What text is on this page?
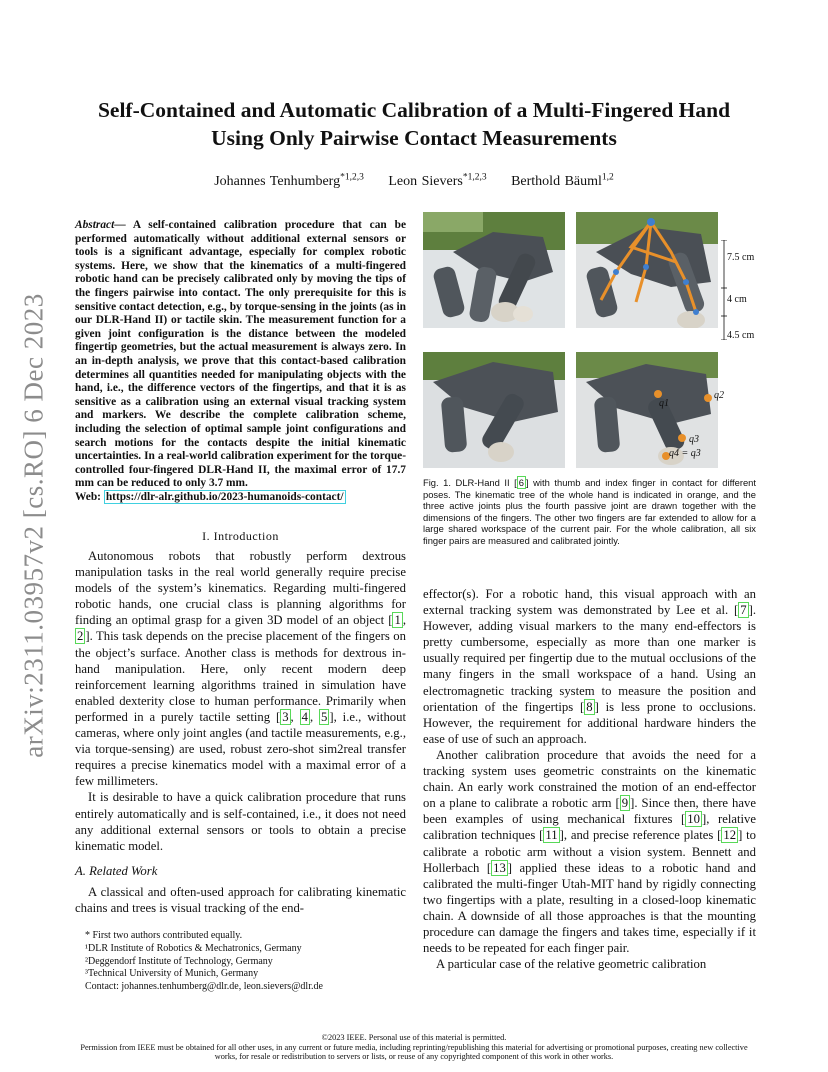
arXiv:2311.03957v2 [cs.RO] 6 Dec 2023
Self-Contained and Automatic Calibration of a Multi-Fingered Hand
Using Only Pairwise Contact Measurements
Johannes Tenhumberg$^{*1,2,3}$ Leon Sievers$^{*1,2,3}$ Berthold Bäuml$^{1,2}$
Abstract— A self-contained calibration procedure that can be performed automatically without additional external sensors or tools is a significant advantage, especially for complex robotic systems. Here, we show that the kinematics of a multi-fingered robotic hand can be precisely calibrated only by moving the tips of the fingers pairwise into contact. The only prerequisite for this is sensitive contact detection, e.g., by torque-sensing in the joints (as in our DLR-Hand II) or tactile skin. The measurement function for a given joint configuration is the distance between the modeled fingertip geometries, but the actual measurement is always zero. In an in-depth analysis, we prove that this contact-based calibration determines all quantities needed for manipulating objects with the hand, i.e., the difference vectors of the fingertips, and that it is as sensitive as a calibration using an external visual tracking system and markers. We describe the complete calibration scheme, including the selection of optimal sample joint configurations and search motions for the contacts despite the initial kinematic uncertainties. In a real-world calibration experiment for the torque-controlled four-fingered DLR-Hand II, the maximal error of 17.7 mm can be reduced to only 3.7 mm.
Web: https://dlr-alr.github.io/2023-humanoids-contact/
I. Introduction

Autonomous robots that robustly perform dextrous manipulation tasks in the real world generally require precise models of the system’s kinematics. Regarding multi-fingered robotic hands, one crucial class is planning algorithms for finding an optimal grasp for a given 3D model of an object [ 1 , 2 ]. This task depends on the precise placement of the fingers on the object’s surface. Another class is methods for dextrous in-hand manipulation. Here, only recent modern deep reinforcement learning algorithms trained in simulation have enabled dexterity close to human performance. Primarily when performed in a purely tactile setting [ 3 , 4 , 5 ], i.e., without cameras, where only joint angles (and tactile measurements, e.g., via torque-sensing) are used, robust zero-shot sim2real transfer requires a precise kinematics model with a maximal error of a few millimeters.

It is desirable to have a quick calibration procedure that runs entirely automatically and is self-contained, i.e., it does not need any additional external sensors or tools to obtain a precise kinematic model.

A. Related Work

A classical and often-used approach for calibrating kinematic chains and trees is visual tracking of the end-

* First two authors contributed equally.
¹DLR Institute of Robotics & Mechatronics, Germany
²Deggendorf Institute of Technology, Germany
³Technical University of Munich, Germany
Contact: johannes.tenhumberg@dlr.de, leon.sievers@dlr.de
7.5 cm
4 cm
4.5 cm
q1
q2
q3
q4 = q3
Fig. 1. DLR-Hand II [ 6 ] with thumb and index finger in contact for different poses. The kinematic tree of the whole hand is indicated in orange, and the three active joints plus the fourth passive joint are drawn together with the dimensions of the fingers. The other two fingers are far extended to allow for a large shared workspace of the current pair. For the whole calibration, all six finger pairs are measured and calibrated jointly.

effector(s). For a robotic hand, this visual approach with an external tracking system was demonstrated by Lee et al. [ 7 ]. However, adding visual markers to the many end-effectors is pretty cumbersome, especially as more than one marker is usually required per fingertip due to the mutual occlusions of the many fingers in the small workspace of a hand. Using an electromagnetic tracking system to measure the position and orientation of the fingertips [ 8 ] is less prone to occlusions. However, the requirement for additional hardware hinders the ease of use of such an approach.

Another calibration procedure that avoids the need for a tracking system uses geometric constraints on the kinematic chain. An early work constrained the motion of an end-effector on a plane to calibrate a robotic arm [ 9 ]. Since then, there have been examples of using mechanical fixtures [ 10 ], relative calibration techniques [ 11 ], and precise reference plates [ 12 ] to calibrate a robotic arm without a vision system. Bennett and Hollerbach [ 13 ] applied these ideas to a robotic hand and calibrated the multi-finger Utah-MIT hand by rigidly connecting two fingertips with a plate, resulting in a closed-loop kinematic chain. A downside of all those approaches is that the mounting procedure can damage the fingers and takes time, especially if it needs to be repeated for each finger pair.

A particular case of the relative geometric calibration

©2023 IEEE. Personal use of this material is permitted.
Permission from IEEE must be obtained for all other uses, in any current or future media, including reprinting/republishing this material for advertising or promotional purposes, creating new collective works, for resale or redistribution to servers or lists, or reuse of any copyrighted component of this work in other works.
